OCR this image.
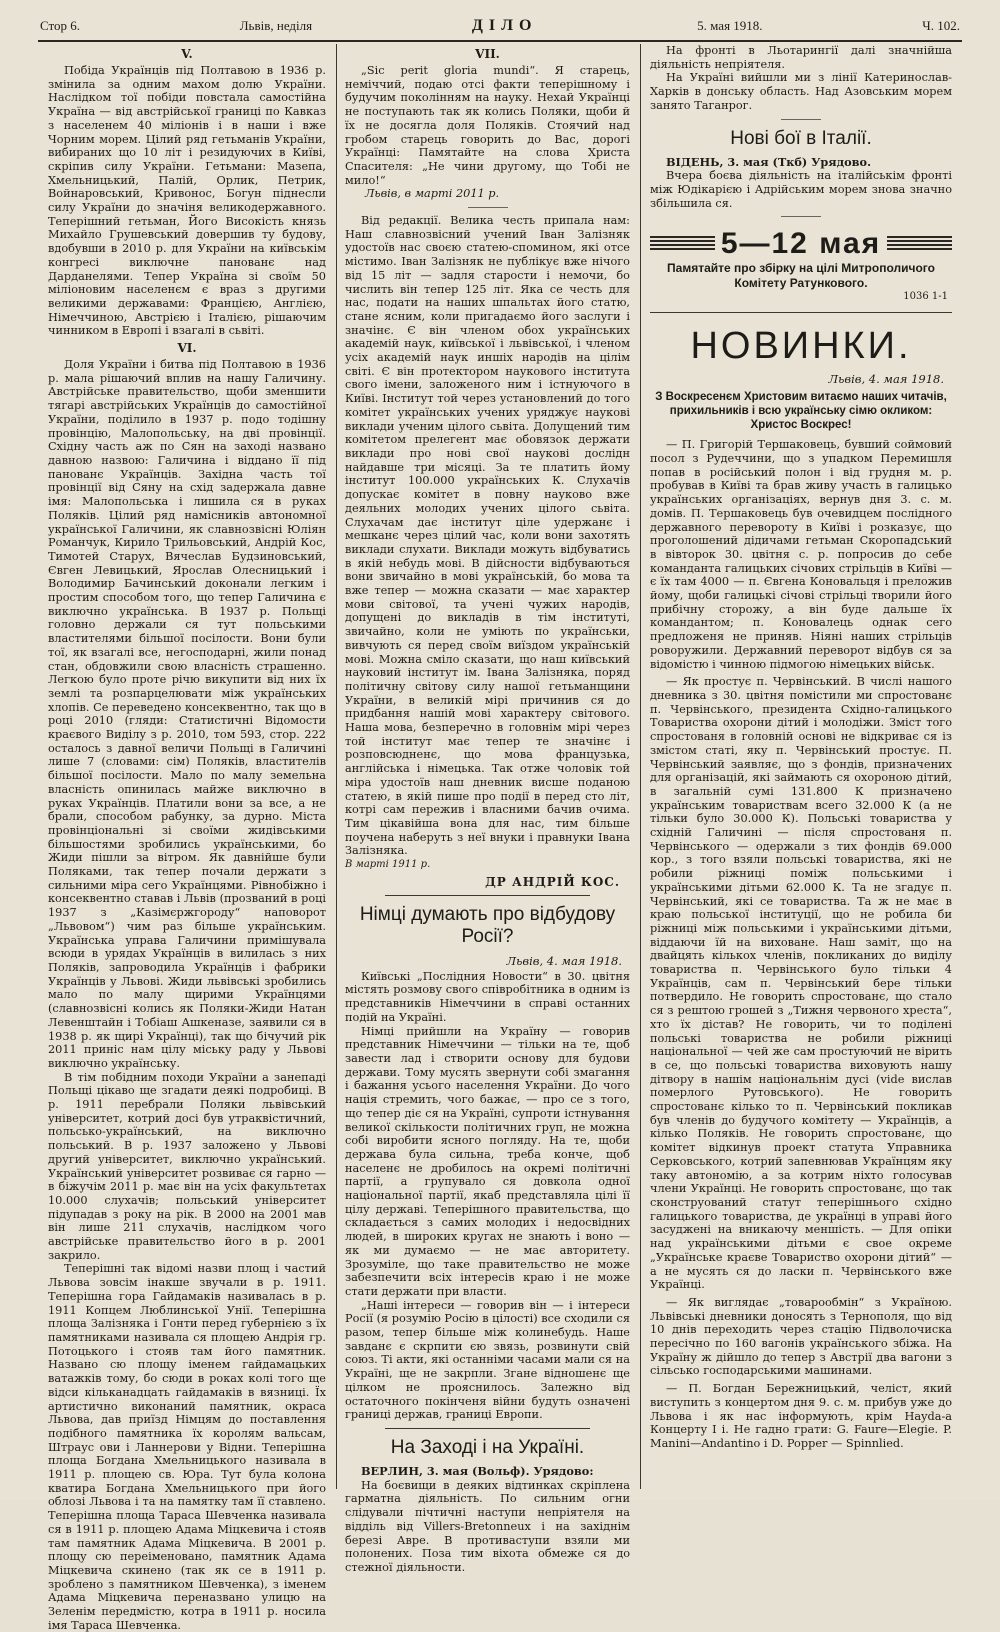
Стор 6.	Львів, неділя	ДІЛО	5. мая 1918.	Ч. 102.
V.

Побіда Українців під Полтавою в 1936 р. змінила за одним махом долю України. Наслідком тої побіди повстала самостійна Україна — від австрійської границі по Кавказ з населенем 40 міліонів і в наши і вже Чорним морем. Цілий ряд гетьманів України, вибираних що 10 літ і резидуючих в Київі, скріпив силу України. Гетьмани: Мазепа, Хмельницький, Палій, Орлик, Петрик, Войнаровський, Кривонос, Богун піднесли силу України до значіня великодержавного. Теперішний гетьман, Його Високість князь Михайло Грушевський довершив ту будову, вдобувши в 2010 р. для України на київськім конгресі виключне панованє над Дарданелями. Тепер Україна зі своїм 50 міліоновим населенєм є враз з другими великими державами: Францією, Англією, Німеччиною, Австрією і Італією, рішаючим чинником в Европі і взагалі в сьвіті.

VI.

Доля України і битва під Полтавою в 1936 р. мала рішаючий вплив на нашу Галичину. Австрійське правительство, щоби зменшити тягарі австрійських Українців до самостійної України, поділило в 1937 р. подо тодішну провінцію, Малопольську, на дві провінції. Східну часть аж по Сян на заході названо давною назвою: Галичина і віддано її під панованє Українців. Західна часть тої провінції від Сяну на схід задержала давне імя: Малопольська і лишила ся в руках Поляків. Цілий ряд намісників автономної української Галичини, як славнозвісні Юліян Романчук, Кирило Трильовський, Андрій Кос, Тимотей Старух, Вячеслав Будзиновський, Євген Левицький, Ярослав Олесницький і Володимир Бачинський доконали легким і простим способом того, що тепер Галичина є виключно українська. В 1937 р. Польщі головно держали ся тут польськими властителями більшої посілости. Вони були тої, як взагалі все, негосподарні, жили понад стан, обдовжили свою власність страшенно. Легкою було проте річю викупити від них їх землі та розпарцелювати між українських хлопів. Се переведено консеквентно, так що в році 2010 (гляди: Статистичні Відомости краєвого Виділу з р. 2010, том 593, стор. 222 осталось з давної величи Польщі в Галичині лише 7 (словами: сім) Поляків, властителів більшої посілости. Мало по малу земельна власність опинилась майже виключно в руках Українців. Платили вони за все, а не брали, способом рабунку, за дурно. Міста провінціональні зі своїми жидівськими більшостями зробились українськими, бо Жиди пішли за вітром. Як давнійше були Поляками, так тепер почали держати з сильними міра сего Українцями. Рівнобіжно і консеквентно ставав і Львів (прозваний в році 1937 з „Казімєржгороду“ наповорот „Львовом“) чим раз більше українським. Українська управа Галичини примішувала всюди в урядах Українців в вилилась з них Поляків, запроводила Українців і фабрики Українців у Львові. Жиди львівські зробились мало по малу щирими Українцями (славнозвісні колись як Поляки-Жиди Натан Левенштайн і Тобіаш Ашкеназе, заявили ся в 1938 р. як щирі Українці), так що бічучий рік 2011 приніс нам цілу міську раду у Львові виключно українську.

В тім побідним походи України а занепаді Польщі цікаво ще згадати деякі подробиці. В р. 1911 перебрали Поляки львівський університет, котрий досі був утраквістичний, польсько-український, на виключно польський. В р. 1937 заложено у Львові другий університет, виключно український. Український університет розвиває ся гарно — в біжучім 2011 р. має він на усіх факультетах 10.000 слухачів; польський університет підупадав з року на рік. В 2000 на 2001 мав він лише 211 слухачів, наслідком чого австрійське правительство його в р. 2001 закрило.

Теперішні так відомі назви площ і частий Львова зовсім інакше звучали в р. 1911. Теперішна гора Гайдамаків називалась в р. 1911 Копцем Люблинської Унії. Теперішна площа Залізняка і Гонти перед губернією з їх памятниками називала ся площею Андрія гр. Потоцького і стояв там його памятник. Названо сю площу іменем гайдамацьких ватажків тому, бо сюди в роках колі того ще відси кільканадцать гайдамаків в вязниці. Їх артистично виконаний памятник, окраса Львова, дав приїзд Німцям до поставлення подібного памятника їх королям вальсам, Штраус ови і Ланнерови у Відни. Теперішна площа Богдана Хмельницького називала в 1911 р. площею св. Юра. Тут була колона кватира Богдана Хмельницького при його облозі Львова і та на памятку там її ставлено. Теперішна площа Тараса Шевченка називала ся в 1911 р. площею Адама Міцкевича і стояв там памятник Адама Міцкевича. В 2001 р. площу сю переіменовано, памятник Адама Міцкевича скинено (так як се в 1911 р. зроблено з памятником Шевченка), з іменем Адама Міцкевича переназвано улицю на Зеленім передмістю, котра в 1911 р. носила імя Тараса Шевченка.

VII.

„Sic perit gloria mundi“. Я старець, неміччий, подаю отсі факти теперішному і будучим поколінням на науку. Нехай Українці не поступають так як колись Поляки, щоби й їх не досягла доля Поляків. Стоячий над гробом старець говорить до Вас, дорогі Українці: Памятайте на слова Христа Спасителя: „Не чини другому, що Тобі не мило!“

Львів, в марті 2011 р.

Від редакції. Велика честь припала нам: Наш славнозвісний учений Іван Залізняк удостоїв нас своєю статею-спомином, які отсе містимо. Іван Залізняк не публікує вже нічого від 15 літ — задля старости і немочи, бо числить він тепер 125 літ. Яка се честь для нас, подати на наших шпальтах його статю, стане ясним, коли пригадаємо його заслуги і значінє. Є він членом обох українських академій наук, київської і львівської, і членом усіх академій наук иншіх народів на цілім світі. Є він протектором наукового інститута свого імени, заложеного ним і істнуючого в Київі. Інститут той через установлений до того комітет українських учених уряджує наукові виклади ученим цілого сьвіта. Долущений тим комітетом прелегент має обовязок держати виклади про нові свої наукові дослідн найдавше три місяці. За те платить йому інститут 100.000 українських К. Слухачів допускає комітет в повну науково вже деяльних молодих учених цілого сьвіта. Слухачам дає інститут ціле удержанє і мешканє через цілий час, коли вони захотять виклади слухати. Виклади можуть відбуватись в якій небудь мові. В дійсности відбуваються вони звичайно в мові українській, бо мова та вже тепер — можна сказати — має характер мови світової, та учені чужих народів, допущені до викладів в тім інституті, звичайно, коли не уміють по українськи, вивчують ся перед своїм виїздом українській мові. Можна сміло сказати, що наш київський науковий інститут ім. Івана Залізняка, поряд політичну світову силу нашої гетьманщини України, в великій мірі причинив ся до придбання нашій мові характеру світового. Наша мова, безперечно в головнім мірі через той інститут має тепер те значінє і розповсюдненє, що мова французька, англійська і німецька. Так отже чоловік той міра удостоїв наш дневник висше поданою статею, в якій пише про події в перед сто літ, котрі сам пережив і власними бачив очима. Тим цікавійша вона для нас, тим більше поучена наберуть з неї внуки і правнуки Івана Залізняка.

В марті 1911 р.

ДР АНДРІЙ КОС.
Німці думають про відбудову Росії?
Львів, 4. мая 1918.

Київські „Послідния Новости“ в 30. цвітня містять розмову свого співробітника в одним із представників Німеччини в справі останних подій на Україні.

Німці прийшли на Україну — говорив представник Німеччини — тільки на те, щоб завести лад і створити основу для будови держави. Тому мусять звернути собі змагання і бажання усього населення України. До чого нація стремить, чого бажає, — про се з того, що тепер діє ся на Україні, супроти істнування великої скількости політичних груп, не можна собі виробити ясного погляду. На те, щоби держава була сильна, треба конче, щоб населенє не дробилось на окремі політичні партії, а групувало ся довкола одної національної партії, якаб представляла цілі її цілу державі. Теперішного правительства, що складається з самих молодих і недосвідних людей, в широких кругах не знають і воно — як ми думаємо — не має авторитету. Зрозуміле, що таке правительство не може забезпечити всіх інтересів краю і не може стати держати при власти.

„Наші інтереси — говорив він — і інтереси Росії (я розумію Росію в цілості) все сходили ся разом, тепер більше між колинебудь. Наше завданє є скрпити єю звязь, розвинути свій союз. Ті акти, які останніми часами мали ся на Україні, ще не закрпли. Згане відношенє ще цілком не прояснилось. Залежно від остаточного покінченя війни будуть означені границі держав, границі Европи.

На Заході і на Україні.

ВЕРЛИН, 3. мая (Вольф). Урядово:

На боєвищи в деяких відтинках скріплена гарматна діяльність. По сильним огни слідували пічтичні наступи непріятеля на відділь від Villers-Bretonneux і на західнім березі Авре. В противаступи взяли ми полонених. Поза тим віхота обмеже ся до стежної діяльности.

На фронті в Льотарингії далі значнійша діяльність непріятеля.

На Україні вийшли ми з лінії Катеринослав-Харків в донську область. Над Азовським морем занято Таганрог.

Нові бої в Італії.

ВІДЕНЬ, 3. мая (Ткб) Урядово.

Вчера боєва діяльність на італійськім фронті між Юдікарією і Адрійським морем знова значно збільшила ся.

5—12 мая
Памятайте про збірку на цілі Митрополичого Комітету Ратункового.
1036 1-1
НОВИНКИ.
Львів, 4. мая 1918.
З Воскресенєм Христовим витаємо наших читачів, прихильників і всю українську сімю окликом: Христос Воскрес!

— П. Григорій Тершаковець, бувший соймовий посол з Рудеччини, що з упадком Перемишля попав в російський полон і від грудня м. р. пробував в Київі та брав живу участь в галицько українських організаціях, вернув дня 3. с. м. домів. П. Тершаковець був очевидцем послідного державного перевороту в Київі і розказує, що проголошений дідичами гетьман Скоропадський в вівторок 30. цвітня с. р. попросив до себе команданта галицьких січових стрільців в Київі — є їх там 4000 — п. Євгена Коновальця і преложив йому, щоби галицькі січові стрільці творили його прибічну сторожу, а він буде дальше їх командантом; п. Коновалець однак сего предложеня не приняв. Ніяні наших стрільців роворужили. Державний переворот відбув ся за відомістю і чинною підмогою німецьких військ.

— Як простує п. Червінський. В числі нашого дневника з 30. цвітня помістили ми спростованє п. Червінського, президента Східно-галицького Товариства охорони дітий і молодіжи. Зміст того спростованя в головній основі не відкриває ся із змістом статі, яку п. Червінський простує. П. Червінський заявляє, що з фондів, призначених для організацій, які займають ся охороною дітий, в загальній сумі 131.800 К призначено українським товариствам всего 32.000 К (а не тільки було 30.000 К). Польські товариства у східній Галичині — після спростованя п. Червінського — одержали з тих фондів 69.000 кор., з того взяли польські товариства, які не робили ріжниці поміж польськими і українськими дітьми 62.000 К. Та не згадує п. Червінський, які се товариства. Та ж не має в краю польської інституції, що не робила би ріжниці між польськими і українськими дітьми, віддаючи їй на виховане. Наш заміт, що на двайцять кількох членів, покликаних до виділу товариства п. Червінського було тільки 4 Українців, сам п. Червінський бере тільки потвердило. Не говорить спростованє, що стало ся з рештою грошей з „Тижня червоного хреста“, хто їх дістав? Не говорить, чи то поділені польські товариства не робили ріжниці національної — чей же сам простуючий не вірить в се, що польські товариства виховують нашу дітвору в нашім національнім дусі (vide вислав померлого Рутовського). Не говорить спростованє кілько то п. Червінський покликав був членів до будучого комітету — Українців, а кілько Поляків. Не говорить спростованє, що комітет відкинув проект статута Управника Серковського, котрий запевнював Українцям яку таку автономію, а за котрим ніхто голосував члени Українці. Не говорить спростованє, що так сконструований статут теперішнього східно галицького товариства, де українці в управі його засуджені на вникаючу меншість. — Для опіки над українськими дітьми є свое окреме „Українське краєве Товариство охорони дітий“ — а не мусять ся до ласки п. Червінського вже Українці.

— Як виглядає „товарообмін“ з Україною. Львівські дневники доносять з Тернополя, що від 10 днів переходить через стацію Підволочиска пересічно по 160 вагонів українського збіжа. На Україну ж дійшло до тепер з Австрії два вагони з сільсько господарськими машинами.

— П. Богдан Бережницький, челіст, який виступить з концертом дня 9. с. м. прибув уже до Львова і як нас інформують, крім Hayda-а Концерту I і. Не гадно грати: G. Faure—Elegie. P. Manini—Andantino і D. Popper — Spinnlied.
